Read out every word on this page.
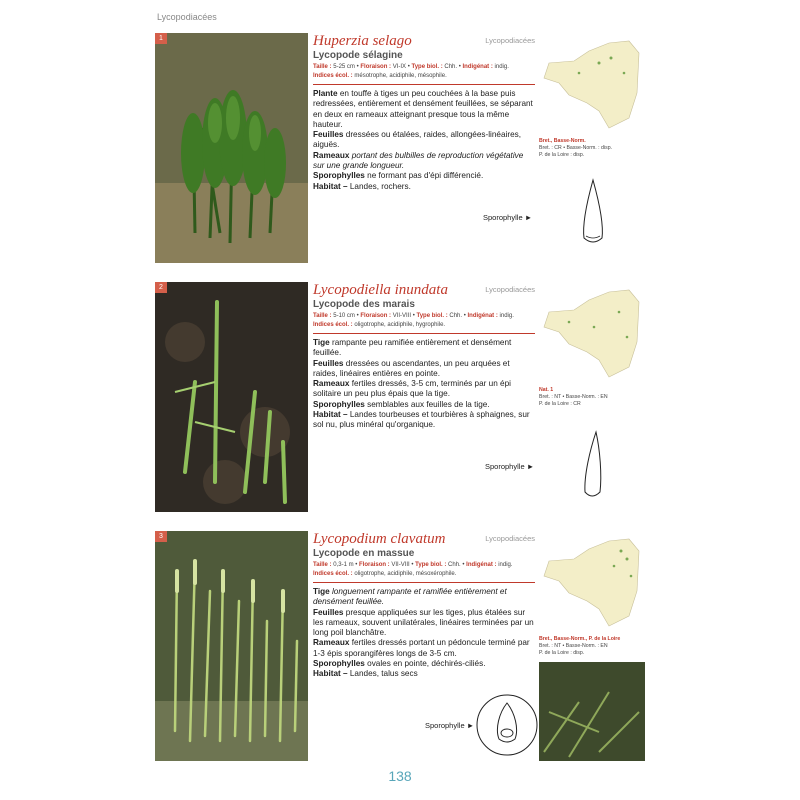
Lycopodiacées
1	Huperzia selago	Lycopodiacées
Lycopode sélagine
Taille : 5-25 cm • Floraison : VI-IX • Type biol. : Chh. • Indigénat : indig.
Indices écol. : mésotrophe, acidiphile, mésophile.

Plante en touffe à tiges un peu couchées à la base puis redressées, entièrement et densément feuillées, se séparant en deux en rameaux atteignant presque tous la même hauteur.

Feuilles dressées ou étalées, raides, allongées-linéaires, aiguës.

Rameaux portant des bulbilles de reproduction végétative sur une grande longueur.

Sporophylles ne formant pas d'épi différencié.

Habitat – Landes, rochers.

Bret., Basse-Norm.
Bret. : CR • Basse-Norm. : disp.
P. de la Loire : disp.
Sporophylle ►
2	Lycopodiella inundata	Lycopodiacées
Lycopode des marais
Taille : 5-10 cm • Floraison : VII-VIII • Type biol. : Chh. • Indigénat : indig.
Indices écol. : oligotrophe, acidiphile, hygrophile.

Tige rampante peu ramifiée entièrement et densément feuillée.

Feuilles dressées ou ascendantes, un peu arquées et raides, linéaires entières en pointe.

Rameaux fertiles dressés, 3-5 cm, terminés par un épi solitaire un peu plus épais que la tige.

Sporophylles semblables aux feuilles de la tige.

Habitat – Landes tourbeuses et tourbières à sphaignes, sur sol nu, plus minéral qu'organique.

Nat. 1
Bret. : NT • Basse-Norm. : EN
P. de la Loire : CR
Sporophylle ►
3	Lycopodium clavatum	Lycopodiacées
Lycopode en massue
Taille : 0,3-1 m • Floraison : VII-VIII • Type biol. : Chh. • Indigénat : indig.
Indices écol. : oligotrophe, acidiphile, mésoxérophile.

Tige longuement rampante et ramifiée entièrement et densément feuillée.

Feuilles presque appliquées sur les tiges, plus étalées sur les rameaux, souvent unilatérales, linéaires terminées par un long poil blanchâtre.

Rameaux fertiles dressés portant un pédoncule terminé par 1-3 épis sporangifères longs de 3-5 cm.

Sporophylles ovales en pointe, déchirés-ciliés.

Habitat – Landes, talus secs

Bret., Basse-Norm., P. de la Loire
Bret. : NT • Basse-Norm. : EN
P. de la Loire : disp.
Sporophylle ►
138
